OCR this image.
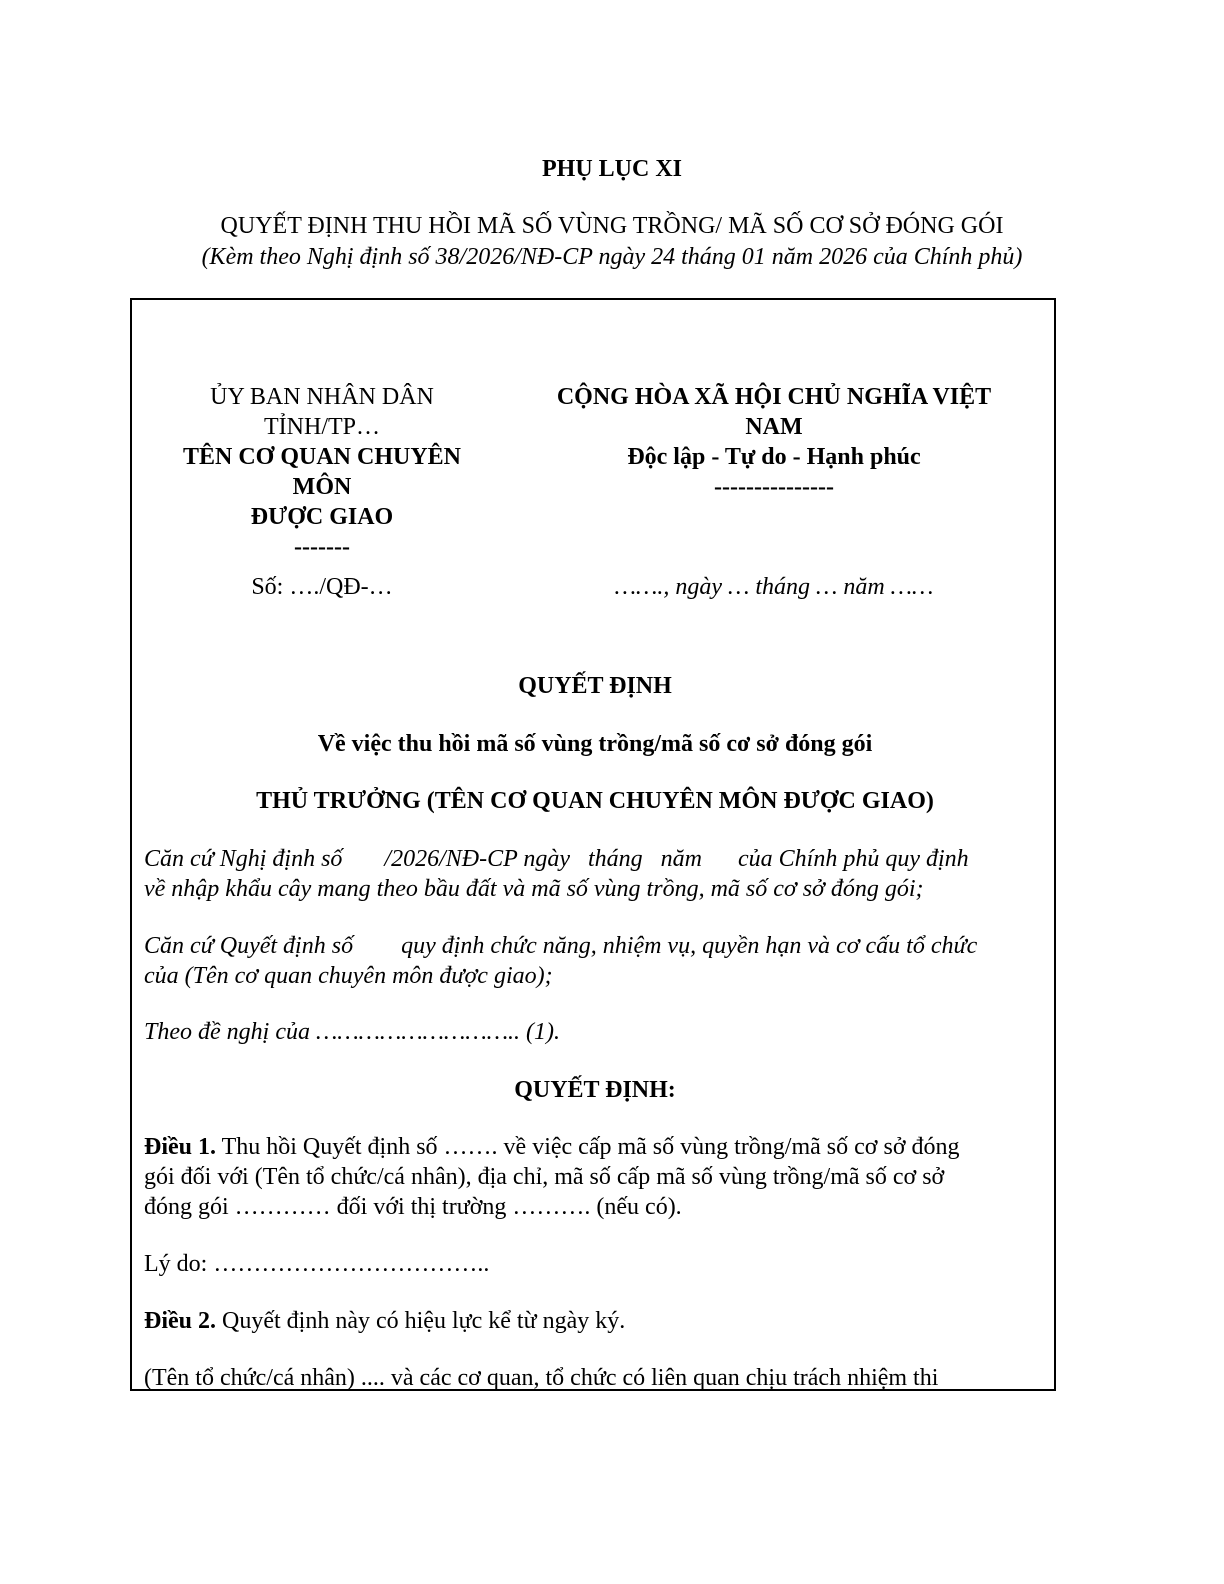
PHỤ LỤC XI
QUYẾT ĐỊNH THU HỒI MÃ SỐ VÙNG TRỒNG/ MÃ SỐ CƠ SỞ ĐÓNG GÓI
(Kèm theo Nghị định số 38/2026/NĐ-CP ngày 24 tháng 01 năm 2026 của Chính phủ)
ỦY BAN NHÂN DÂN
TỈNH/TP…
TÊN CƠ QUAN CHUYÊN
MÔN
ĐƯỢC GIAO
-------
CỘNG HÒA XÃ HỘI CHỦ NGHĨA VIỆT
NAM
Độc lập - Tự do - Hạnh phúc
---------------
Số: …./QĐ-…	……., ngày … tháng … năm ……
QUYẾT ĐỊNH
Về việc thu hồi mã số vùng trồng/mã số cơ sở đóng gói
THỦ TRƯỞNG (TÊN CƠ QUAN CHUYÊN MÔN ĐƯỢC GIAO)
Căn cứ Nghị định số       /2026/NĐ-CP ngày   tháng   năm      của Chính phủ quy định
về nhập khẩu cây mang theo bầu đất và mã số vùng trồng, mã số cơ sở đóng gói;
Căn cứ Quyết định số        quy định chức năng, nhiệm vụ, quyền hạn và cơ cấu tổ chức
của (Tên cơ quan chuyên môn được giao);
Theo đề nghị của ……………………….. (1).
QUYẾT ĐỊNH:
Điều 1. Thu hồi Quyết định số ……. về việc cấp mã số vùng trồng/mã số cơ sở đóng
gói đối với (Tên tổ chức/cá nhân), địa chỉ, mã số cấp mã số vùng trồng/mã số cơ sở
đóng gói ………… đối với thị trường ………. (nếu có).
Lý do: ……………………………..
Điều 2. Quyết định này có hiệu lực kể từ ngày ký.
(Tên tổ chức/cá nhân) .... và các cơ quan, tổ chức có liên quan chịu trách nhiệm thi
